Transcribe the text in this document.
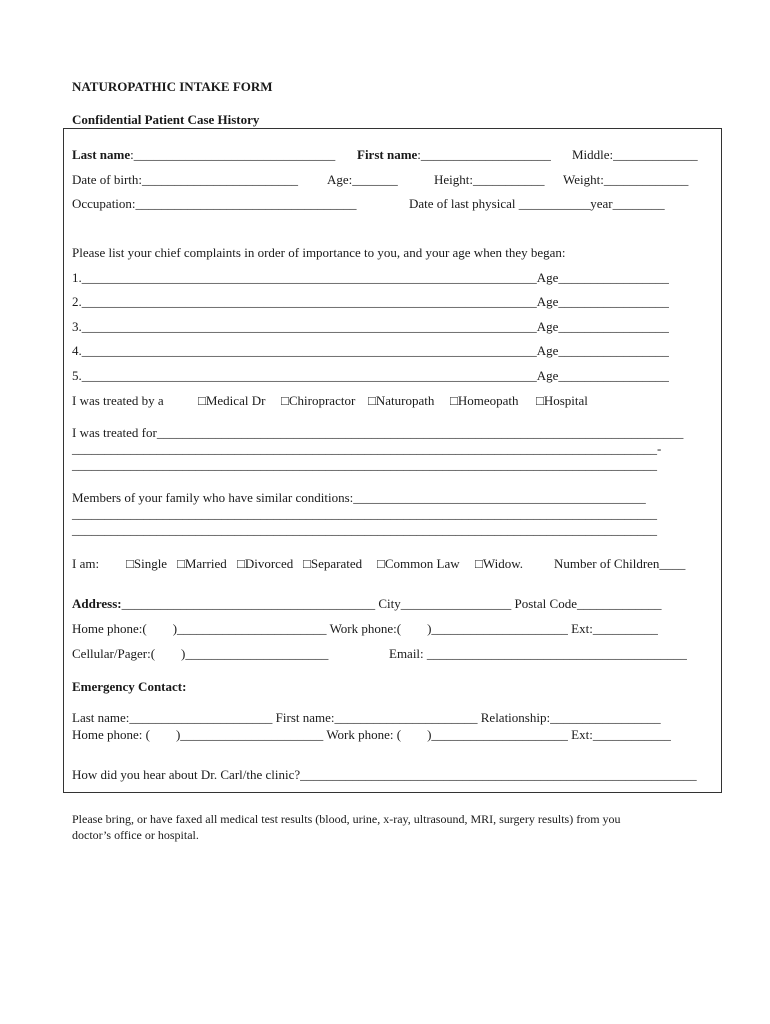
NATUROPATHIC INTAKE FORM
Confidential Patient Case History
Last name:_______________________________ First name:____________________ Middle:_____________
Date of birth:________________________ Age:_______	Height:___________ Weight:_____________
Occupation:__________________________________	Date of last physical ___________year________
Please list your chief complaints in order of importance to you, and your age when they began:
1.______________________________________________________________________Age_________________
2.______________________________________________________________________Age_________________
3.______________________________________________________________________Age_________________
4.______________________________________________________________________Age_________________
5.______________________________________________________________________Age_________________
I was treated by a	□Medical Dr □Chiropractor □Naturopath □Homeopath □Hospital
I was treated for_________________________________________________________________________________
__________________________________________________________________________________________-
__________________________________________________________________________________________
Members of your family who have similar conditions:_____________________________________________
__________________________________________________________________________________________
__________________________________________________________________________________________
I am: □Single □Married □Divorced □Separated □Common Law □Widow. Number of Children____
Address:_______________________________________ City_________________ Postal Code_____________
Home phone:(        )_______________________ Work phone:(        )_____________________ Ext:__________
Cellular/Pager:(        )______________________	Email: ________________________________________
Emergency Contact:
Last name:______________________ First name:______________________ Relationship:_________________
Home phone: (        )______________________ Work phone: (        )_____________________ Ext:____________
How did you hear about Dr. Carl/the clinic?_____________________________________________________________
Please bring, or have faxed all medical test results (blood, urine, x-ray, ultrasound, MRI, surgery results) from you
doctor’s office or hospital.
